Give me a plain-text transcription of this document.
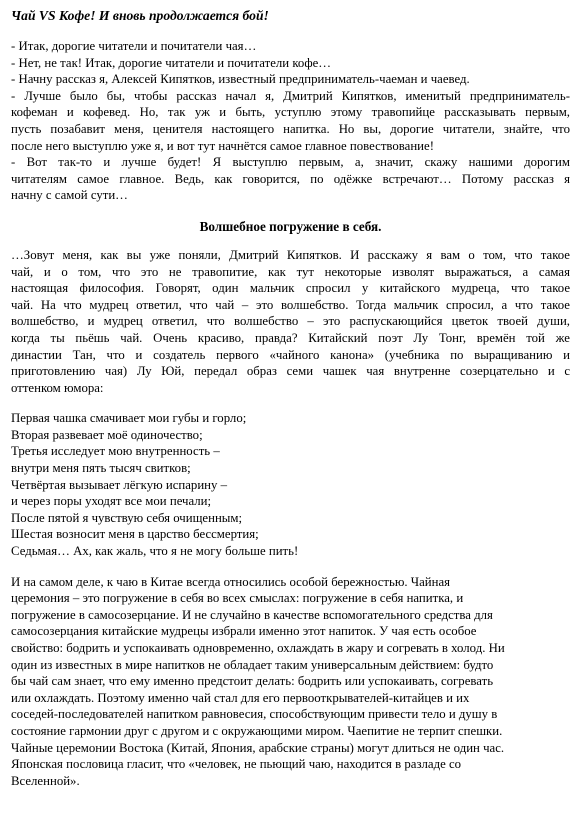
Чай VS Кофе! И вновь продолжается бой!
- Итак, дорогие читатели и почитатели чая…
- Нет, не так! Итак, дорогие читатели и почитатели кофе…
- Начну рассказ я, Алексей Кипятков, известный предприниматель-чаеман и чаевед.
- Лучше было бы, чтобы рассказ начал я, Дмитрий Кипятков, именитый предприниматель-
кофеман и кофевед. Но, так уж и быть, уступлю этому травопийце рассказывать первым,
пусть позабавит меня, ценителя настоящего напитка. Но вы, дорогие читатели, знайте, что
после него выступлю уже я, и вот тут начнётся самое главное повествование!
- Вот так-то и лучше будет! Я выступлю первым, а, значит, скажу нашими дорогим
читателям самое главное. Ведь, как говорится, по одёжке встречают… Потому рассказ я
начну с самой сути…
Волшебное погружение в себя.
…Зовут меня, как вы уже поняли, Дмитрий Кипятков. И расскажу я вам о том, что такое
чай, и о том, что это не травопитие, как тут некоторые изволят выражаться, а самая
настоящая философия. Говорят, один мальчик спросил у китайского мудреца, что такое
чай. На что мудрец ответил, что чай – это волшебство. Тогда мальчик спросил, а что такое
волшебство, и мудрец ответил, что волшебство – это распускающийся цветок твоей души,
когда ты пьёшь чай. Очень красиво, правда? Китайский поэт Лу Тонг, времён той же
династии Тан, что и создатель первого «чайного канона» (учебника по выращиванию и
приготовлению чая) Лу Юй, передал образ семи чашек чая внутренне созерцательно и с
оттенком юмора:
Первая чашка смачивает мои губы и горло;
Вторая развевает моё одиночество;
Третья исследует мою внутренность –
внутри меня пять тысяч свитков;
Четвёртая вызывает лёгкую испарину –
и через поры уходят все мои печали;
После пятой я чувствую себя очищенным;
Шестая возносит меня в царство бессмертия;
Седьмая… Ах, как жаль, что я не могу больше пить!
И на самом деле, к чаю в Китае всегда относились особой бережностью. Чайная
церемония – это погружение в себя во всех смыслах: погружение в себя напитка, и
погружение в самосозерцание. И не случайно в качестве вспомогательного средства для
самосозерцания китайские мудрецы избрали именно этот напиток. У чая есть особое
свойство: бодрить и успокаивать одновременно, охлаждать в жару и согревать в холод. Ни
один из известных в мире напитков не обладает таким универсальным действием: будто
бы чай сам знает, что ему именно предстоит делать: бодрить или успокаивать, согревать
или охлаждать. Поэтому именно чай стал для его первооткрывателей-китайцев и их
соседей-последователей напитком равновесия, способствующим привести тело и душу в
состояние гармонии друг с другом и с окружающими миром. Чаепитие не терпит спешки.
Чайные церемонии Востока (Китай, Япония, арабские страны) могут длиться не один час.
Японская пословица гласит, что «человек, не пьющий чаю, находится в разладе со
Вселенной».
